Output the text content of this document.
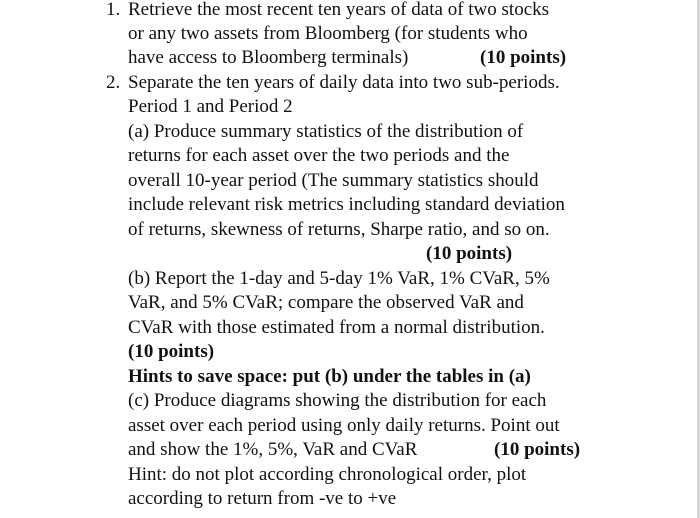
1. Retrieve the most recent ten years of data of two stocks
or any two assets from Bloomberg (for students who
have access to Bloomberg terminals)	(10 points)
2. Separate the ten years of daily data into two sub-periods.
Period 1 and Period 2
(a) Produce summary statistics of the distribution of
returns for each asset over the two periods and the
overall 10-year period (The summary statistics should
include relevant risk metrics including standard deviation
of returns, skewness of returns, Sharpe ratio, and so on.
(10 points)
(b) Report the 1-day and 5-day 1% VaR, 1% CVaR, 5%
VaR, and 5% CVaR; compare the observed VaR and
CVaR with those estimated from a normal distribution.
(10 points)
Hints to save space: put (b) under the tables in (a)
(c) Produce diagrams showing the distribution for each
asset over each period using only daily returns. Point out
and show the 1%, 5%, VaR and CVaR	(10 points)
Hint: do not plot according chronological order, plot
according to return from -ve to +ve
